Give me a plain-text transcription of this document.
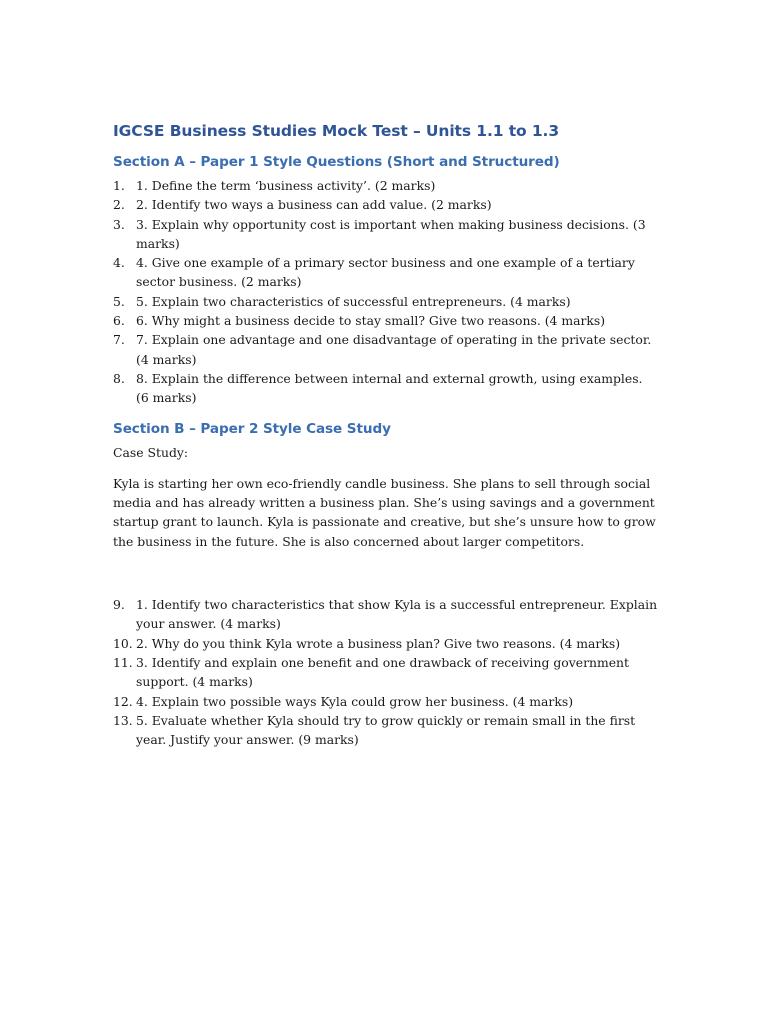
IGCSE Business Studies Mock Test – Units 1.1 to 1.3
Section A – Paper 1 Style Questions (Short and Structured)
1. 1. Define the term ‘business activity’. (2 marks)
2. 2. Identify two ways a business can add value. (2 marks)
3. 3. Explain why opportunity cost is important when making business decisions. (3 marks)
4. 4. Give one example of a primary sector business and one example of a tertiary sector business. (2 marks)
5. 5. Explain two characteristics of successful entrepreneurs. (4 marks)
6. 6. Why might a business decide to stay small? Give two reasons. (4 marks)
7. 7. Explain one advantage and one disadvantage of operating in the private sector. (4 marks)
8. 8. Explain the difference between internal and external growth, using examples. (6 marks)
Section B – Paper 2 Style Case Study

Case Study:

Kyla is starting her own eco-friendly candle business. She plans to sell through social media and has already written a business plan. She’s using savings and a government startup grant to launch. Kyla is passionate and creative, but she’s unsure how to grow the business in the future. She is also concerned about larger competitors.

9. 1. Identify two characteristics that show Kyla is a successful entrepreneur. Explain your answer. (4 marks)
10. 2. Why do you think Kyla wrote a business plan? Give two reasons. (4 marks)
11. 3. Identify and explain one benefit and one drawback of receiving government support. (4 marks)
12. 4. Explain two possible ways Kyla could grow her business. (4 marks)
13. 5. Evaluate whether Kyla should try to grow quickly or remain small in the first year. Justify your answer. (9 marks)
